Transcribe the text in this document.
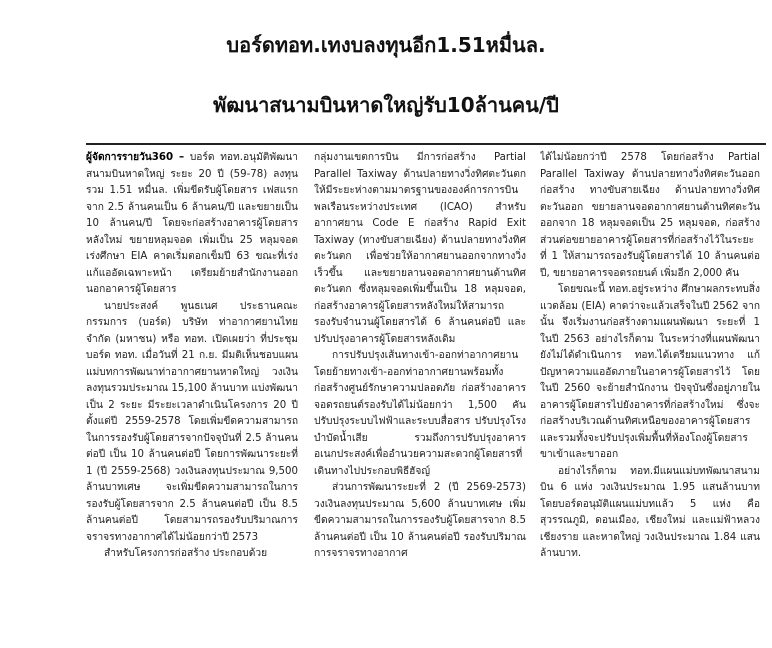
บอร์ดทอท.เทงบลงทุนอีก1.51หมื่นล.
พัฒนาสนามบินหาดใหญ่รับ10ล้านคน/ปี

ผู้จัดการรายวัน360 – บอร์ด ทอท.อนุมัติพัฒนาสนามบินหาดใหญ่ ระยะ 20 ปี (59-78) ลงทุนรวม 1.51 หมื่นล. เพิ่มขีดรับผู้โดยสาร เฟสแรก จาก 2.5 ล้านคนเป็น 6 ล้านคน/ปี และขยายเป็น 10 ล้านคน/ปี โดยจะก่อสร้างอาคารผู้โดยสารหลังใหม่ ขยายหลุมจอด เพิ่มเป็น 25 หลุมจอด เร่งศึกษา EIA คาดเริ่มตอกเข็มปี 63 ขณะที่เร่งแก้แออัดเฉพาะหน้า เตรียมย้ายสำนักงานออกนอกอาคารผู้โดยสาร

นายประสงค์ พูนธเนศ ประธานคณะกรรมการ (บอร์ด) บริษัท ท่าอากาศยานไทย จำกัด (มหาชน) หรือ ทอท. เปิดเผยว่า ที่ประชุมบอร์ด ทอท. เมื่อวันที่ 21 ก.ย. มีมติเห็นชอบแผนแม่บทการพัฒนาท่าอากาศยานหาดใหญ่ วงเงินลงทุนรวมประมาณ 15,100 ล้านบาท แบ่งพัฒนาเป็น 2 ระยะ มีระยะเวลาดำเนินโครงการ 20 ปี ตั้งแต่ปี 2559-2578 โดยเพิ่มขีดความสามารถในการรองรับผู้โดยสารจากปัจจุบันที่ 2.5 ล้านคนต่อปี เป็น 10 ล้านคนต่อปี โดยการพัฒนาระยะที่ 1 (ปี 2559-2568) วงเงินลงทุนประมาณ 9,500 ล้านบาทเศษ จะเพิ่มขีดความสามารถในการรองรับผู้โดยสารจาก 2.5 ล้านคนต่อปี เป็น 8.5 ล้านคนต่อปี โดยสามารถรองรับปริมาณการจราจรทางอากาศได้ไม่น้อยกว่าปี 2573

สำหรับโครงการก่อสร้าง ประกอบด้วย

กลุ่มงานเขตการบิน มีการก่อสร้าง Partial Parallel Taxiway ด้านปลายทางวิ่งทิศตะวันตก ให้มีระยะห่างตามมาตรฐานขององค์การการบินพลเรือนระหว่างประเทศ (ICAO) สำหรับอากาศยาน Code E ก่อสร้าง Rapid Exit Taxiway (ทางขับสายเฉียง) ด้านปลายทางวิ่งทิศตะวันตก เพื่อช่วยให้อากาศยานออกจากทางวิ่งเร็วขึ้น และขยายลานจอดอากาศยานด้านทิศตะวันตก ซึ่งหลุมจอดเพิ่มขึ้นเป็น 18 หลุมจอด, ก่อสร้างอาคารผู้โดยสารหลังใหม่ให้สามารถรองรับจำนวนผู้โดยสารได้ 6 ล้านคนต่อปี และปรับปรุงอาคารผู้โดยสารหลังเดิม

การปรับปรุงเส้นทางเข้า-ออกท่าอากาศยานโดยย้ายทางเข้า-ออกท่าอากาศยานพร้อมทั้งก่อสร้างศูนย์รักษาความปลอดภัย ก่อสร้างอาคารจอดรถยนต์รองรับได้ไม่น้อยกว่า 1,500 คัน ปรับปรุงระบบไฟฟ้าและระบบสื่อสาร ปรับปรุงโรงบำบัดน้ำเสีย รวมถึงการปรับปรุงอาคารอเนกประสงค์เพื่ออำนวยความสะดวกผู้โดยสารที่เดินทางไปประกอบพิธีฮัจญ์

ส่วนการพัฒนาระยะที่ 2 (ปี 2569-2573) วงเงินลงทุนประมาณ 5,600 ล้านบาทเศษ เพิ่มขีดความสามารถในการรองรับผู้โดยสารจาก 8.5 ล้านคนต่อปี เป็น 10 ล้านคนต่อปี รองรับปริมาณการจราจรทางอากาศ

ได้ไม่น้อยกว่าปี 2578 โดยก่อสร้าง Partial Parallel Taxiway ด้านปลายทางวิ่งทิศตะวันออก ก่อสร้าง ทางขับสายเฉียง ด้านปลายทางวิ่งทิศตะวันออก ขยายลานจอดอากาศยานด้านทิศตะวันออกจาก 18 หลุมจอดเป็น 25 หลุมจอด, ก่อสร้างส่วนต่อขยายอาคารผู้โดยสารที่ก่อสร้างไว้ในระยะที่ 1 ให้สามารถรองรับผู้โดยสารได้ 10 ล้านคนต่อปี, ขยายอาคารจอดรถยนต์ เพิ่มอีก 2,000 คัน

โดยขณะนี้ ทอท.อยู่ระหว่าง ศึกษาผลกระทบสิ่งแวดล้อม (EIA) คาดว่าจะแล้วเสร็จในปี 2562 จากนั้น จึงเริ่มงานก่อสร้างตามแผนพัฒนา ระยะที่ 1 ในปี 2563 อย่างไรก็ตาม ในระหว่างที่แผนพัฒนายังไม่ได้ดำเนินการ ทอท.ได้เตรียมแนวทาง แก้ปัญหาความแออัดภายในอาคารผู้โดยสารไว้ โดยในปี 2560 จะย้ายสำนักงาน ปัจจุบันซึ่งอยู่ภายในอาคารผู้โดยสารไปยังอาคารที่ก่อสร้างใหม่ ซึ่งจะก่อสร้างบริเวณด้านทิศเหนือของอาคารผู้โดยสาร และรวมทั้งจะปรับปรุงเพิ่มพื้นที่ห้องโถงผู้โดยสารขาเข้าและขาออก

อย่างไรก็ตาม ทอท.มีแผนแม่บทพัฒนาสนามบิน 6 แห่ง วงเงินประมาณ 1.95 แสนล้านบาท โดยบอร์ดอนุมัติแผนแม่บทแล้ว 5 แห่ง คือ สุวรรณภูมิ, ดอนเมือง, เชียงใหม่ และแม่ฟ้าหลวง เชียงราย และหาดใหญ่ วงเงินประมาณ 1.84 แสนล้านบาท.
